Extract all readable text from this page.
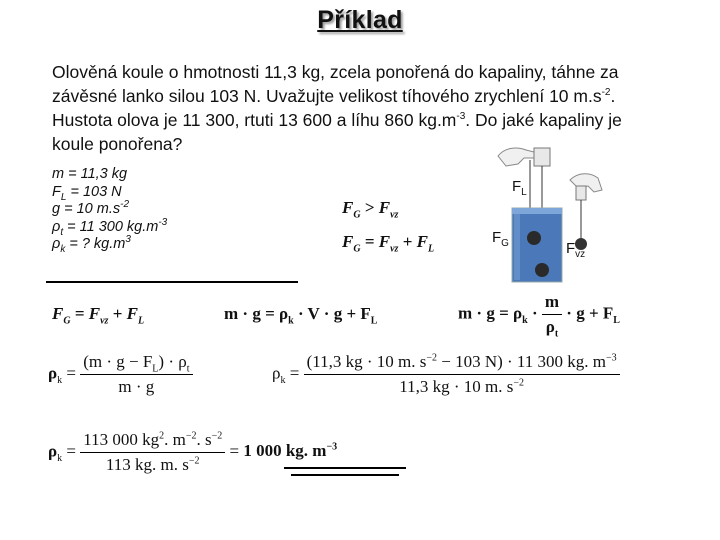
Příklad
Olověná koule o hmotnosti 11,3 kg, zcela ponořená do kapaliny, táhne za
závěsné lanko silou 103 N. Uvažujte velikost tíhového zrychlení 10 $m.s^{-2}$.
Hustota olova je 11 300, rtuti 13 600 a líhu 860 $kg.m^{-3}$. Do jaké kapaliny je
koule ponořena?
m = 11,3 kg
$F_L = 103$ N
g = 10 $m.s^{-2}$
$\rho_t = 11$ 300 $kg.m^{-3}$
$\rho_k$ = ? $kg.m^3$
$F_G > F_{vz}$
$F_G = F_{vz} + F_L$
$F_L$
$F_G$	$F_{vz}$
$F_G = F_{vz} + F_L$	$m \cdot g = \rho_k \cdot V \cdot g + F_L$	$m \cdot g = \rho_k \cdot \frac{m}{\rho_t} \cdot g + F_L$
$\rho_k = \frac{(m \cdot g - F_L) \cdot \rho_t}{m \cdot g}$	$\rho_k = \frac{(11,3 kg \cdot 10 m. s^{-2} - 103 N) \cdot 11 300 kg. m^{-3}}{11,3 kg \cdot 10 m. s^{-2}}$
$\rho_k = \frac{113 000 kg^2. m^{-2}. s^{-2}}{113 kg. m. s^{-2}} = 1$ 000 kg. $m^{-3}$
